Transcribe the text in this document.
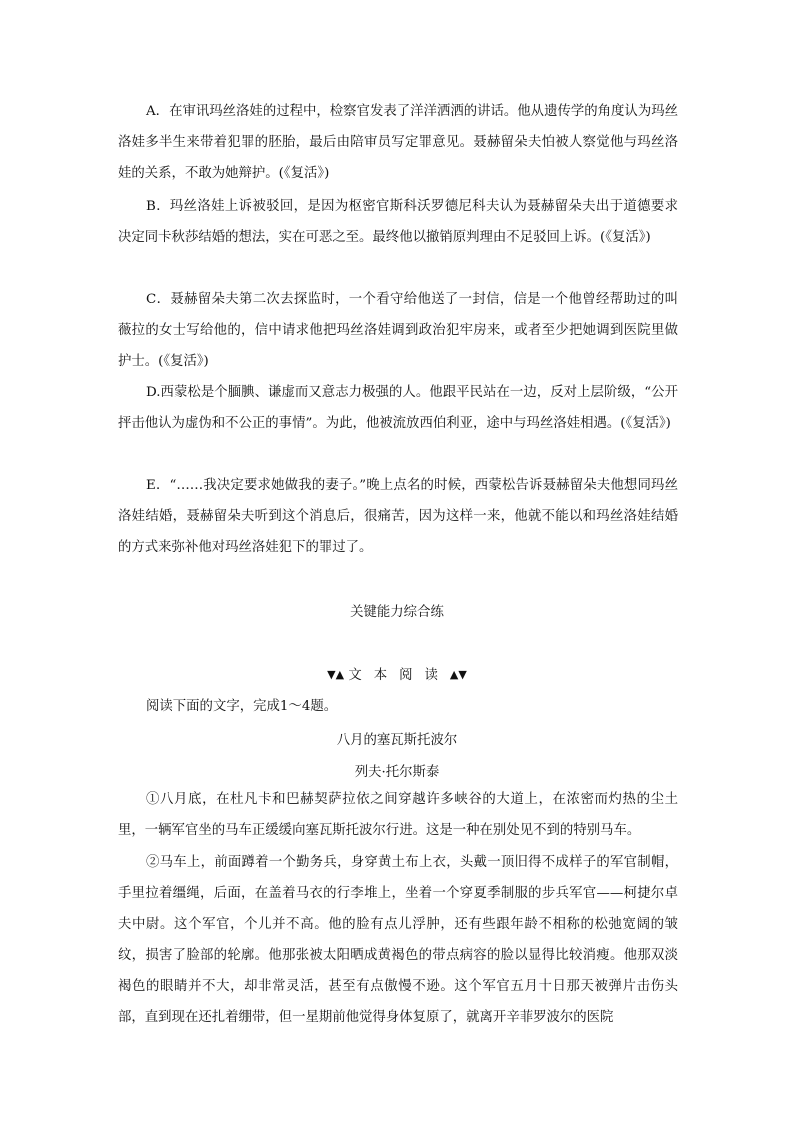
A．在审讯玛丝洛娃的过程中，检察官发表了洋洋洒洒的讲话。他从遗传学的角度认为玛丝洛娃多半生来带着犯罪的胚胎，最后由陪审员写定罪意见。聂赫留朵夫怕被人察觉他与玛丝洛娃的关系，不敢为她辩护。(《复活》)

B．玛丝洛娃上诉被驳回，是因为枢密官斯科沃罗德尼科夫认为聂赫留朵夫出于道德要求决定同卡秋莎结婚的想法，实在可恶之至。最终他以撤销原判理由不足驳回上诉。(《复活》)

C．聂赫留朵夫第二次去探监时，一个看守给他送了一封信，信是一个他曾经帮助过的叫薇拉的女士写给他的，信中请求他把玛丝洛娃调到政治犯牢房来，或者至少把她调到医院里做护士。(《复活》)

D.西蒙松是个腼腆、谦虚而又意志力极强的人。他跟平民站在一边，反对上层阶级，“公开抨击他认为虚伪和不公正的事情”。为此，他被流放西伯利亚，途中与玛丝洛娃相遇。(《复活》)

E．“……我决定要求她做我的妻子。”晚上点名的时候，西蒙松告诉聂赫留朵夫他想同玛丝洛娃结婚，聂赫留朵夫听到这个消息后，很痛苦，因为这样一来，他就不能以和玛丝洛娃结婚的方式来弥补他对玛丝洛娃犯下的罪过了。

关键能力综合练

▼▲ 文本阅读▲▼

阅读下面的文字，完成1～4题。

八月的塞瓦斯托波尔

列夫·托尔斯泰

①八月底，在杜凡卡和巴赫契萨拉依之间穿越许多峡谷的大道上，在浓密而灼热的尘土里，一辆军官坐的马车正缓缓向塞瓦斯托波尔行进。这是一种在别处见不到的特别马车。

②马车上，前面蹲着一个勤务兵，身穿黄土布上衣，头戴一顶旧得不成样子的军官制帽，手里拉着缰绳，后面，在盖着马衣的行李堆上，坐着一个穿夏季制服的步兵军官——柯捷尔卓夫中尉。这个军官，个儿并不高。他的脸有点儿浮肿，还有些跟年龄不相称的松弛宽阔的皱纹，损害了脸部的轮廓。他那张被太阳晒成黄褐色的带点病容的脸以显得比较消瘦。他那双淡褐色的眼睛并不大，却非常灵活，甚至有点傲慢不逊。这个军官五月十日那天被弹片击伤头部，直到现在还扎着绷带，但一星期前他觉得身体复原了，就离开辛菲罗波尔的医院
